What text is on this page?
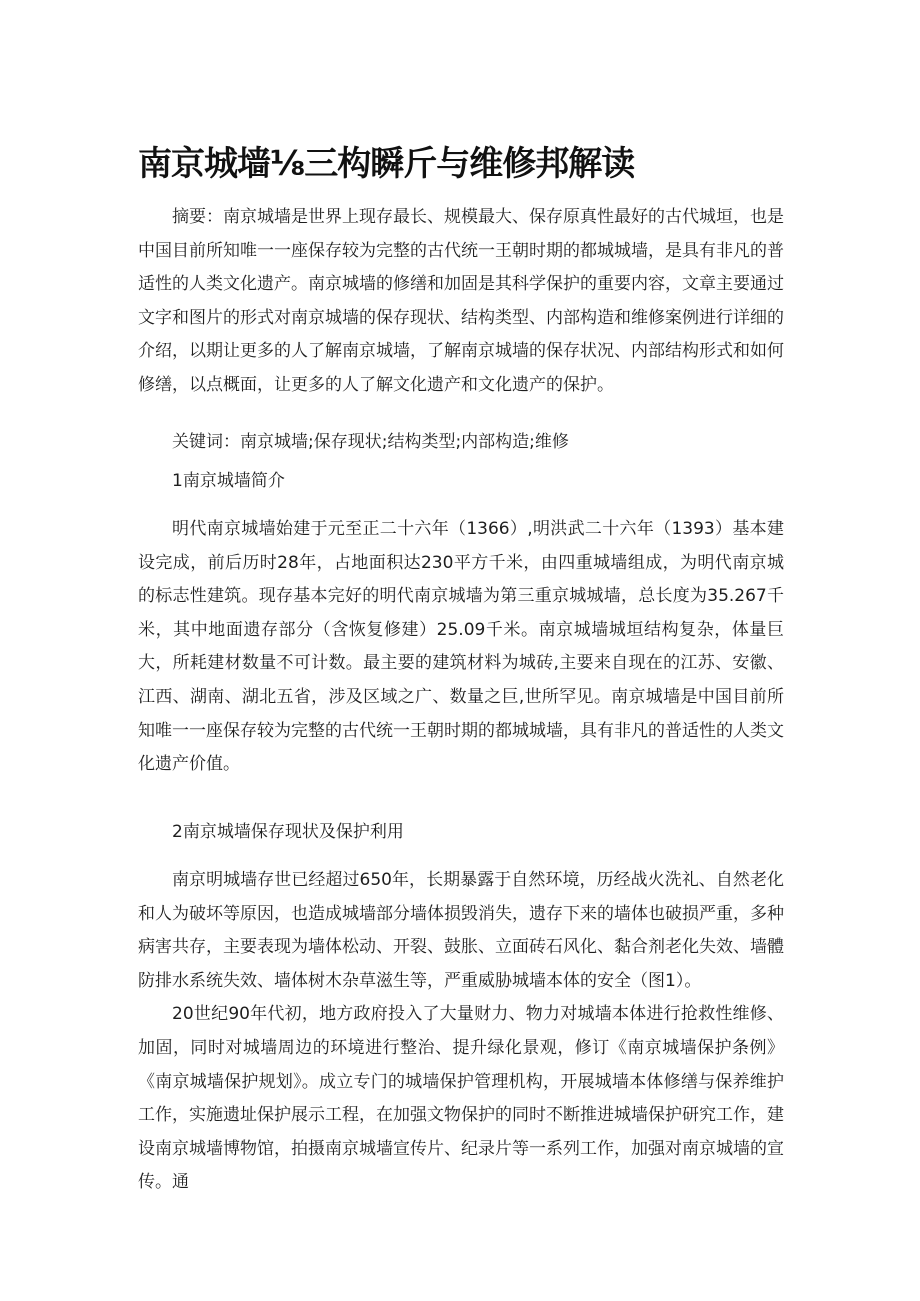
南京城墙⅛三构瞬斤与维修邦解读

摘要：南京城墙是世界上现存最长、规模最大、保存原真性最好的古代城垣，也是中国目前所知唯一一座保存较为完整的古代统一王朝时期的都城城墙，是具有非凡的普适性的人类文化遗产。南京城墙的修缮和加固是其科学保护的重要内容，文章主要通过文字和图片的形式对南京城墙的保存现状、结构类型、内部构造和维修案例进行详细的介绍，以期让更多的人了解南京城墙，了解南京城墙的保存状况、内部结构形式和如何修缮，以点概面，让更多的人了解文化遗产和文化遗产的保护。

关键词：南京城墙;保存现状;结构类型;内部构造;维修
1南京城墙简介

明代南京城墙始建于元至正二十六年（1366）,明洪武二十六年（1393）基本建设完成，前后历时28年，占地面积达230平方千米，由四重城墙组成，为明代南京城的标志性建筑。现存基本完好的明代南京城墙为第三重京城城墙，总长度为35.267千米，其中地面遗存部分（含恢复修建）25.09千米。南京城墙城垣结构复杂，体量巨大，所耗建材数量不可计数。最主要的建筑材料为城砖,主要来自现在的江苏、安徽、江西、湖南、湖北五省，涉及区域之广、数量之巨,世所罕见。南京城墙是中国目前所知唯一一座保存较为完整的古代统一王朝时期的都城城墙，具有非凡的普适性的人类文化遗产价值。

2南京城墙保存现状及保护利用

南京明城墙存世已经超过650年，长期暴露于自然环境，历经战火洗礼、自然老化和人为破坏等原因，也造成城墙部分墙体损毁消失，遗存下来的墙体也破损严重，多种病害共存，主要表现为墙体松动、开裂、鼓胀、立面砖石风化、黏合剂老化失效、墙體防排水系统失效、墙体树木杂草滋生等，严重威胁城墙本体的安全（图1）。

20世纪90年代初，地方政府投入了大量财力、物力对城墙本体进行抢救性维修、加固，同时对城墙周边的环境进行整治、提升绿化景观，修订《南京城墙保护条例》《南京城墙保护规划》。成立专门的城墙保护管理机构，开展城墙本体修缮与保养维护工作，实施遗址保护展示工程，在加强文物保护的同时不断推进城墙保护研究工作，建设南京城墙博物馆，拍摄南京城墙宣传片、纪录片等一系列工作，加强对南京城墙的宣传。通
